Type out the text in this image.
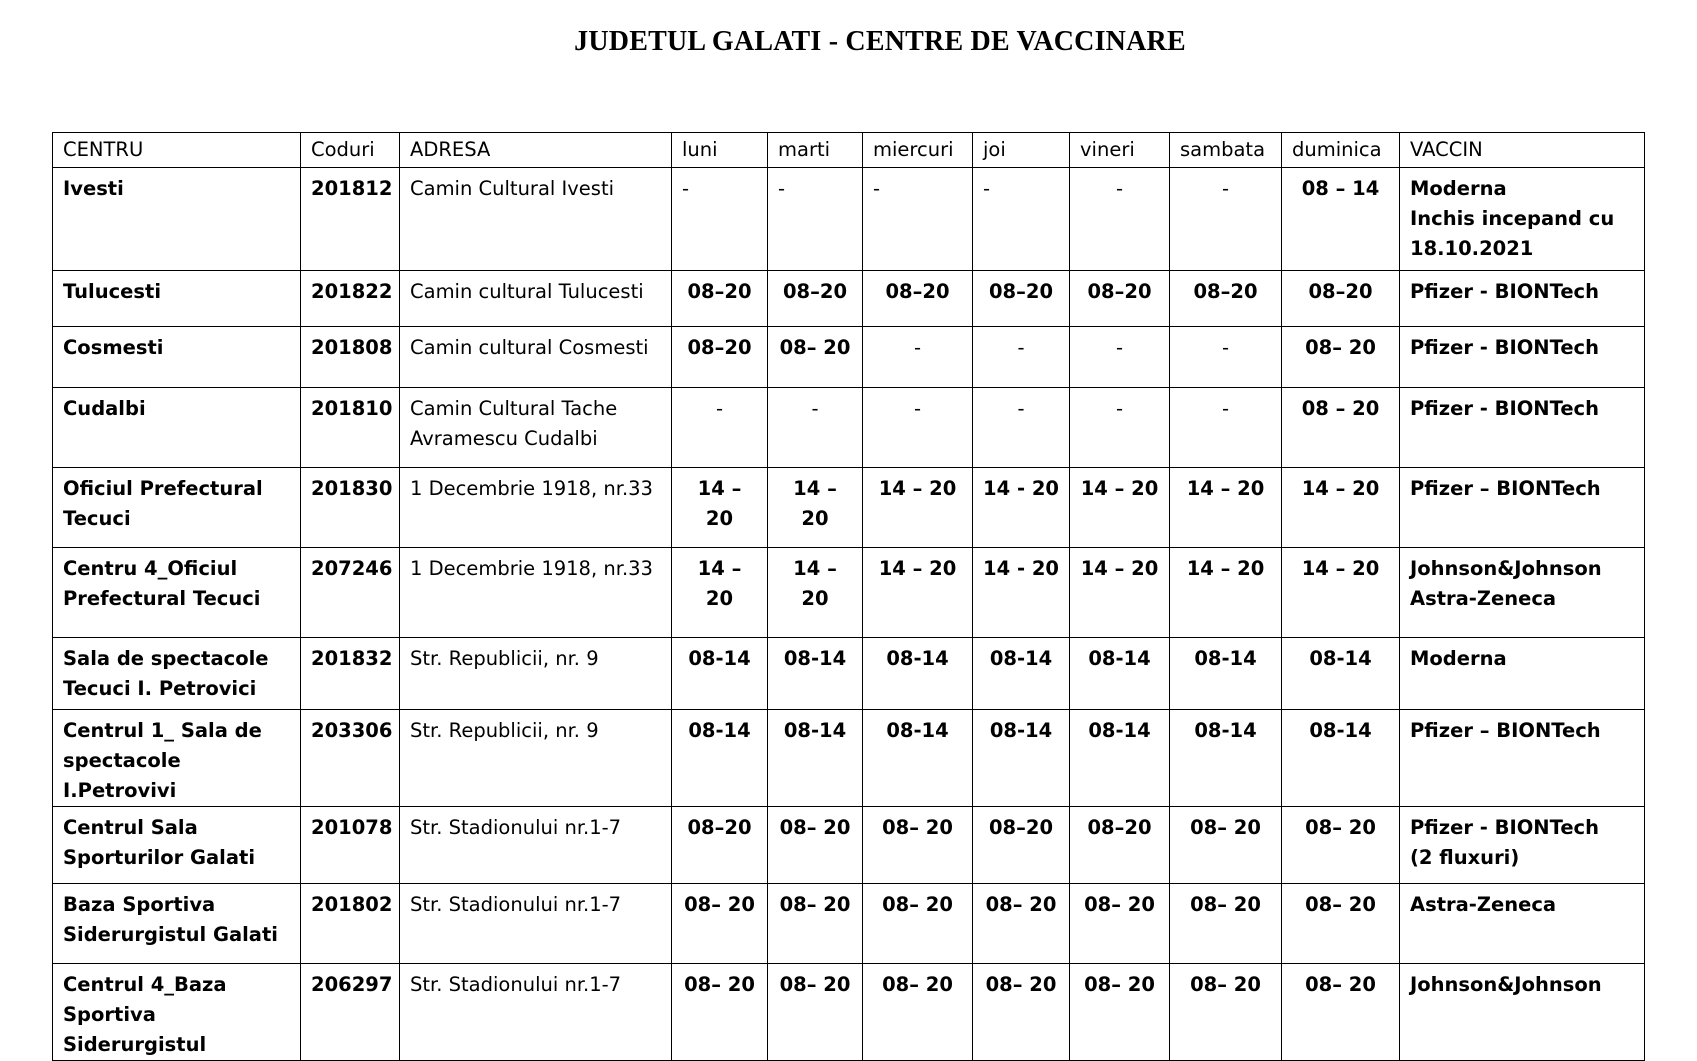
JUDETUL GALATI - CENTRE DE VACCINARE
CENTRU	Coduri	ADRESA	luni	marti	miercuri	joi	vineri	sambata	duminica	VACCIN

Ivesti	201812	Camin Cultural Ivesti	-	-	-	-	-	-	08 – 14	Moderna
Inchis incepand cu
18.10.2021

Tulucesti	201822	Camin cultural Tulucesti	08–20	08–20	08–20	08–20	08–20	08–20	08–20	Pfizer - BIONTech

Cosmesti	201808	Camin cultural Cosmesti	08–20	08– 20	-	-	-	-	08– 20	Pfizer - BIONTech

Cudalbi	201810	Camin Cultural Tache
Avramescu Cudalbi	-	-	-	-	-	-	08 – 20	Pfizer - BIONTech

Oficiul Prefectural
Tecuci	201830	1 Decembrie 1918, nr.33	14 – 20	14 – 20	14 – 20	14 - 20	14 – 20	14 – 20	14 – 20	Pfizer – BIONTech

Centru 4_Oficiul
Prefectural Tecuci	207246	1 Decembrie 1918, nr.33	14 – 20	14 – 20	14 – 20	14 - 20	14 – 20	14 – 20	14 – 20	Johnson&Johnson
Astra-Zeneca

Sala de spectacole
Tecuci I. Petrovici	201832	Str. Republicii, nr. 9	08-14	08-14	08-14	08-14	08-14	08-14	08-14	Moderna

Centrul 1_ Sala de
spectacole I.Petrovivi	203306	Str. Republicii, nr. 9	08-14	08-14	08-14	08-14	08-14	08-14	08-14	Pfizer – BIONTech

Centrul Sala
Sporturilor Galati	201078	Str. Stadionului nr.1-7	08–20	08– 20	08– 20	08–20	08–20	08– 20	08– 20	Pfizer - BIONTech
(2 fluxuri)

Baza Sportiva
Siderurgistul Galati	201802	Str. Stadionului nr.1-7	08– 20	08– 20	08– 20	08– 20	08– 20	08– 20	08– 20	Astra-Zeneca

Centrul 4_Baza
Sportiva Siderurgistul	206297	Str. Stadionului nr.1-7	08– 20	08– 20	08– 20	08– 20	08– 20	08– 20	08– 20	Johnson&Johnson
